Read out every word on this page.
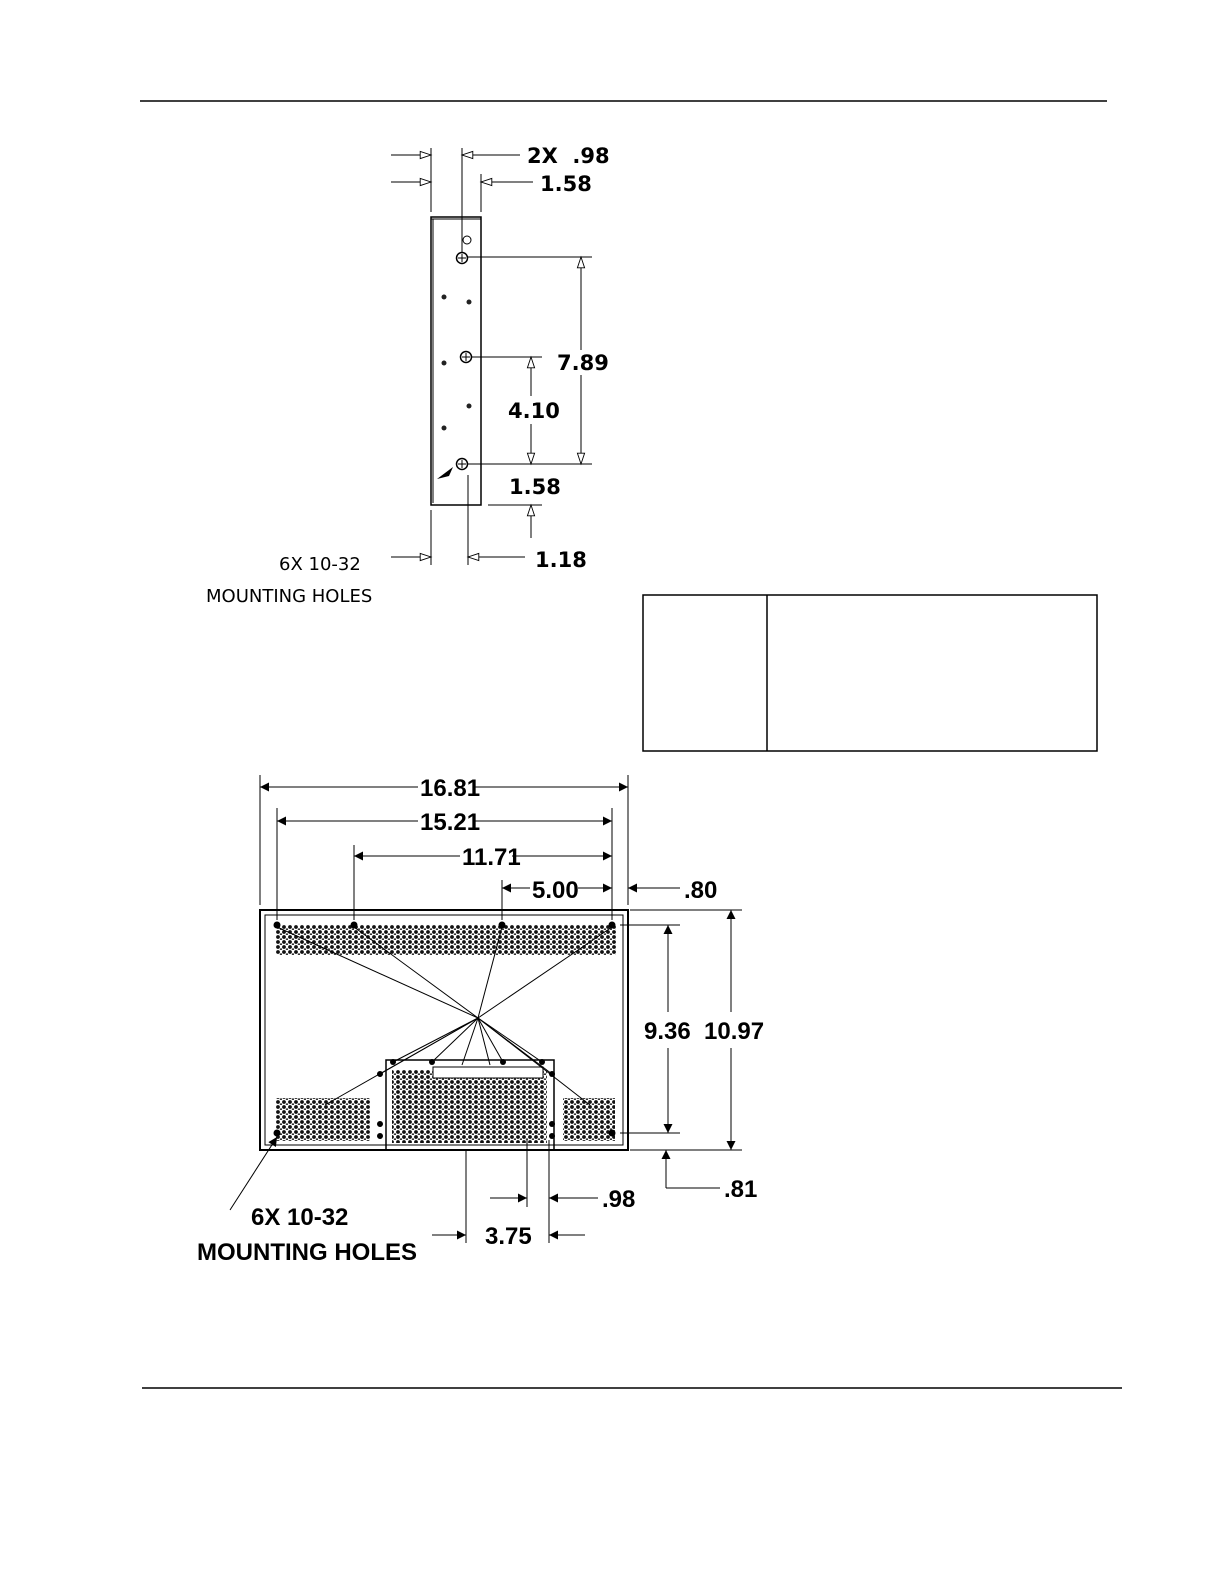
2X  .98
1.58
7.89
4.10
1.58
1.18
6X 10-32
MOUNTING HOLES
16.81
15.21
11.71
5.00	.80
9.36 10.97
.81
.98
3.75
6X 10-32
MOUNTING HOLES
